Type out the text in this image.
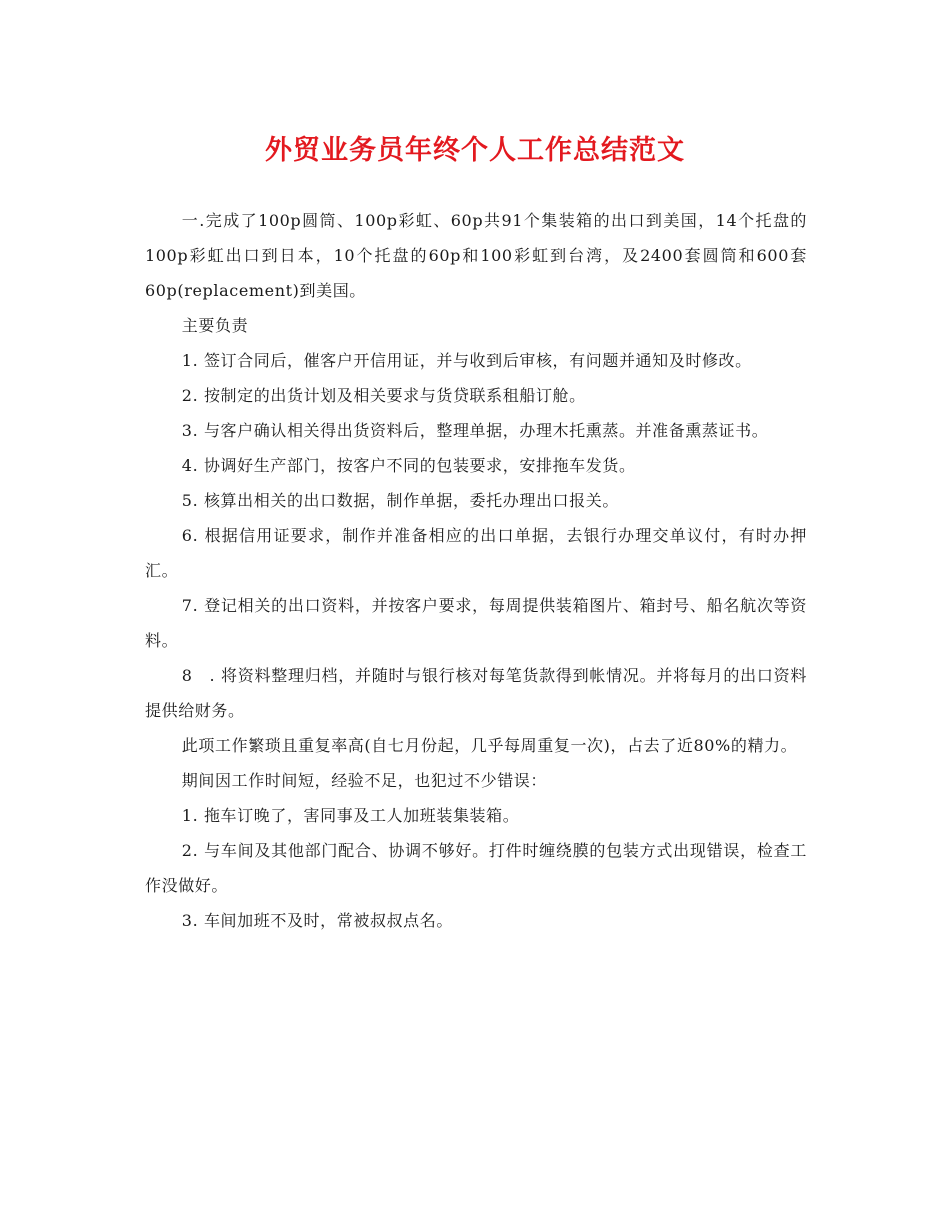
外贸业务员年终个人工作总结范文

一.完成了100p圆筒、100p彩虹、60p共91个集装箱的出口到美国，14个托盘的100p彩虹出口到日本，10个托盘的60p和100彩虹到台湾，及2400套圆筒和600套60p(replacement)到美国。

主要负责

1. 签订合同后，催客户开信用证，并与收到后审核，有问题并通知及时修改。

2. 按制定的出货计划及相关要求与货贷联系租船订舱。

3. 与客户确认相关得出货资料后，整理单据，办理木托熏蒸。并准备熏蒸证书。

4. 协调好生产部门，按客户不同的包装要求，安排拖车发货。

5. 核算出相关的出口数据，制作单据，委托办理出口报关。

6. 根据信用证要求，制作并准备相应的出口单据，去银行办理交单议付，有时办押汇。

7. 登记相关的出口资料，并按客户要求，每周提供装箱图片、箱封号、船名航次等资料。

8　. 将资料整理归档，并随时与银行核对每笔货款得到帐情况。并将每月的出口资料提供给财务。

此项工作繁琐且重复率高(自七月份起，几乎每周重复一次)，占去了近80%的精力。

期间因工作时间短，经验不足，也犯过不少错误：

1. 拖车订晚了，害同事及工人加班装集装箱。

2. 与车间及其他部门配合、协调不够好。打件时缠绕膜的包装方式出现错误，检查工作没做好。

3. 车间加班不及时，常被叔叔点名。
